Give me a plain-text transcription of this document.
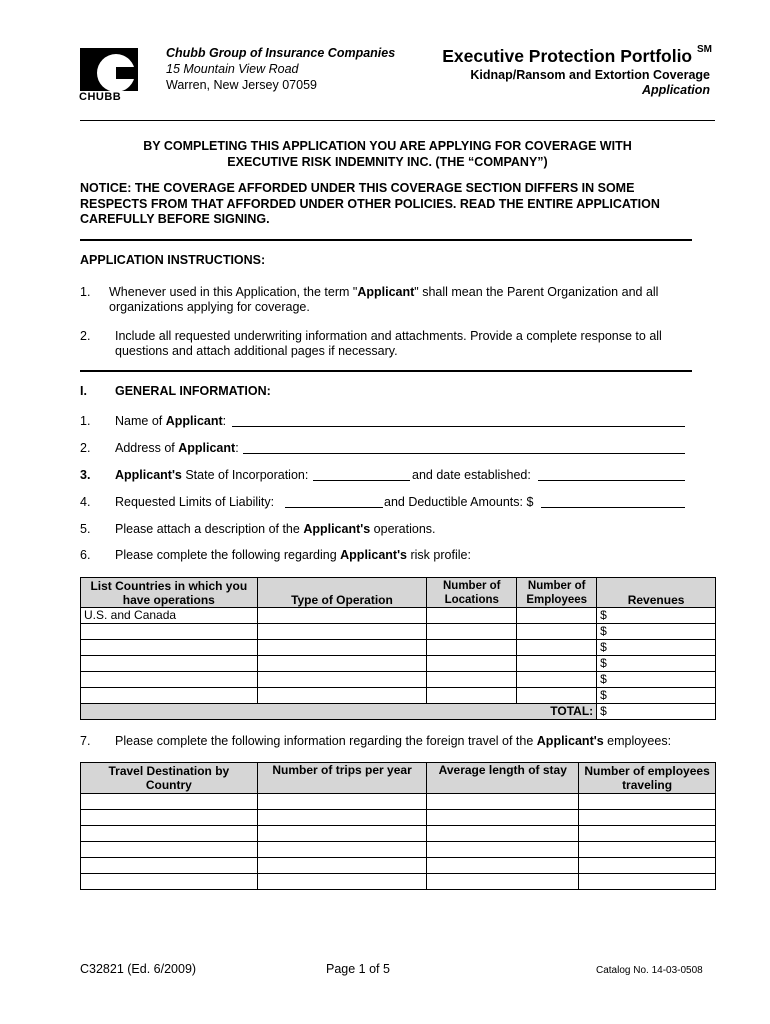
CHUBB
Chubb Group of Insurance Companies
15 Mountain View Road
Warren, New Jersey 07059
Executive Protection Portfolio ℠
Kidnap/Ransom and Extortion Coverage
Application
BY COMPLETING THIS APPLICATION YOU ARE APPLYING FOR COVERAGE WITH
EXECUTIVE RISK INDEMNITY INC. (THE “COMPANY”)
NOTICE: THE COVERAGE AFFORDED UNDER THIS COVERAGE SECTION DIFFERS IN SOME RESPECTS FROM THAT AFFORDED UNDER OTHER POLICIES. READ THE ENTIRE APPLICATION CAREFULLY BEFORE SIGNING.
APPLICATION INSTRUCTIONS:
1. Whenever used in this Application, the term "Applicant" shall mean the Parent Organization and all
organizations applying for coverage.
2. Include all requested underwriting information and attachments. Provide a complete response to all
questions and attach additional pages if necessary.
I. GENERAL INFORMATION:
1. Name of Applicant:
2. Address of Applicant:
3. Applicant's State of Incorporation:	and date established:
4. Requested Limits of Liability:	and Deductible Amounts: $
5. Please attach a description of the Applicant's operations.
6. Please complete the following regarding Applicant's risk profile:
List Countries in which you have operations	Type of Operation	Number of Locations	Number of Employees	Revenues
U.S. and Canada				$
				$
				$
				$
				$
				$
TOTAL:				$
7. Please complete the following information regarding the foreign travel of the Applicant's employees:
Travel Destination by Country	Number of trips per year	Average length of stay	Number of employees traveling

C32821 (Ed. 6/2009)	Page 1 of 5	Catalog No. 14-03-0508
